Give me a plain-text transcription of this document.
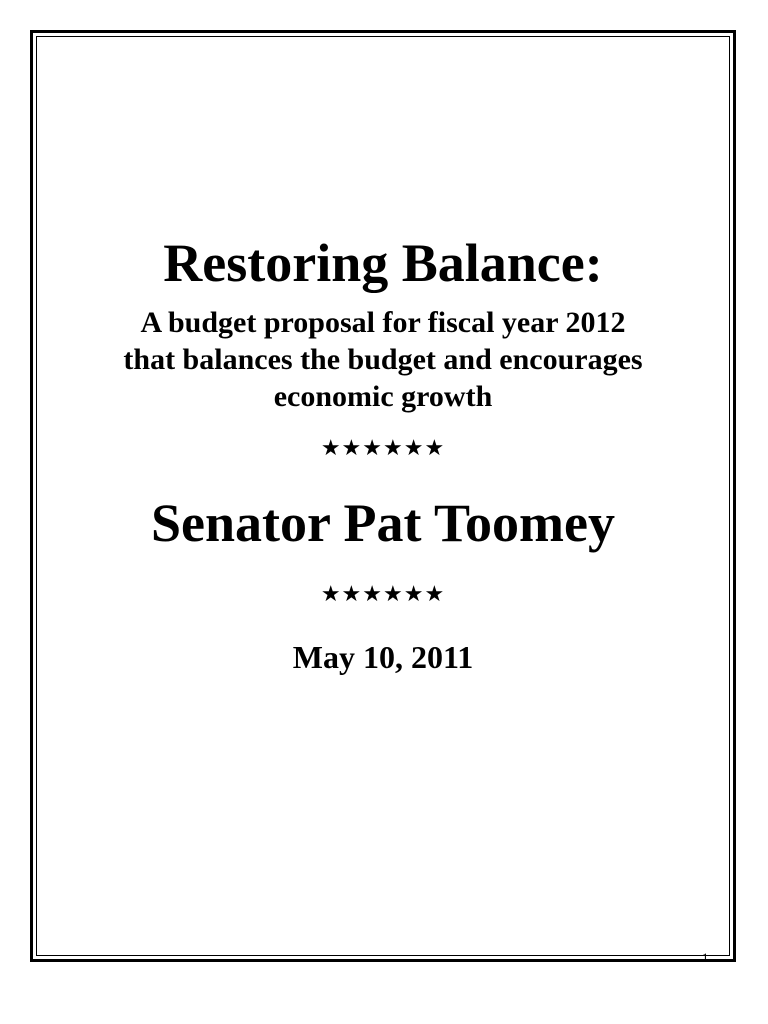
Restoring Balance:
A budget proposal for fiscal year 2012
that balances the budget and encourages
economic growth
★★★★★★
Senator Pat Toomey
★★★★★★
May 10, 2011
1
